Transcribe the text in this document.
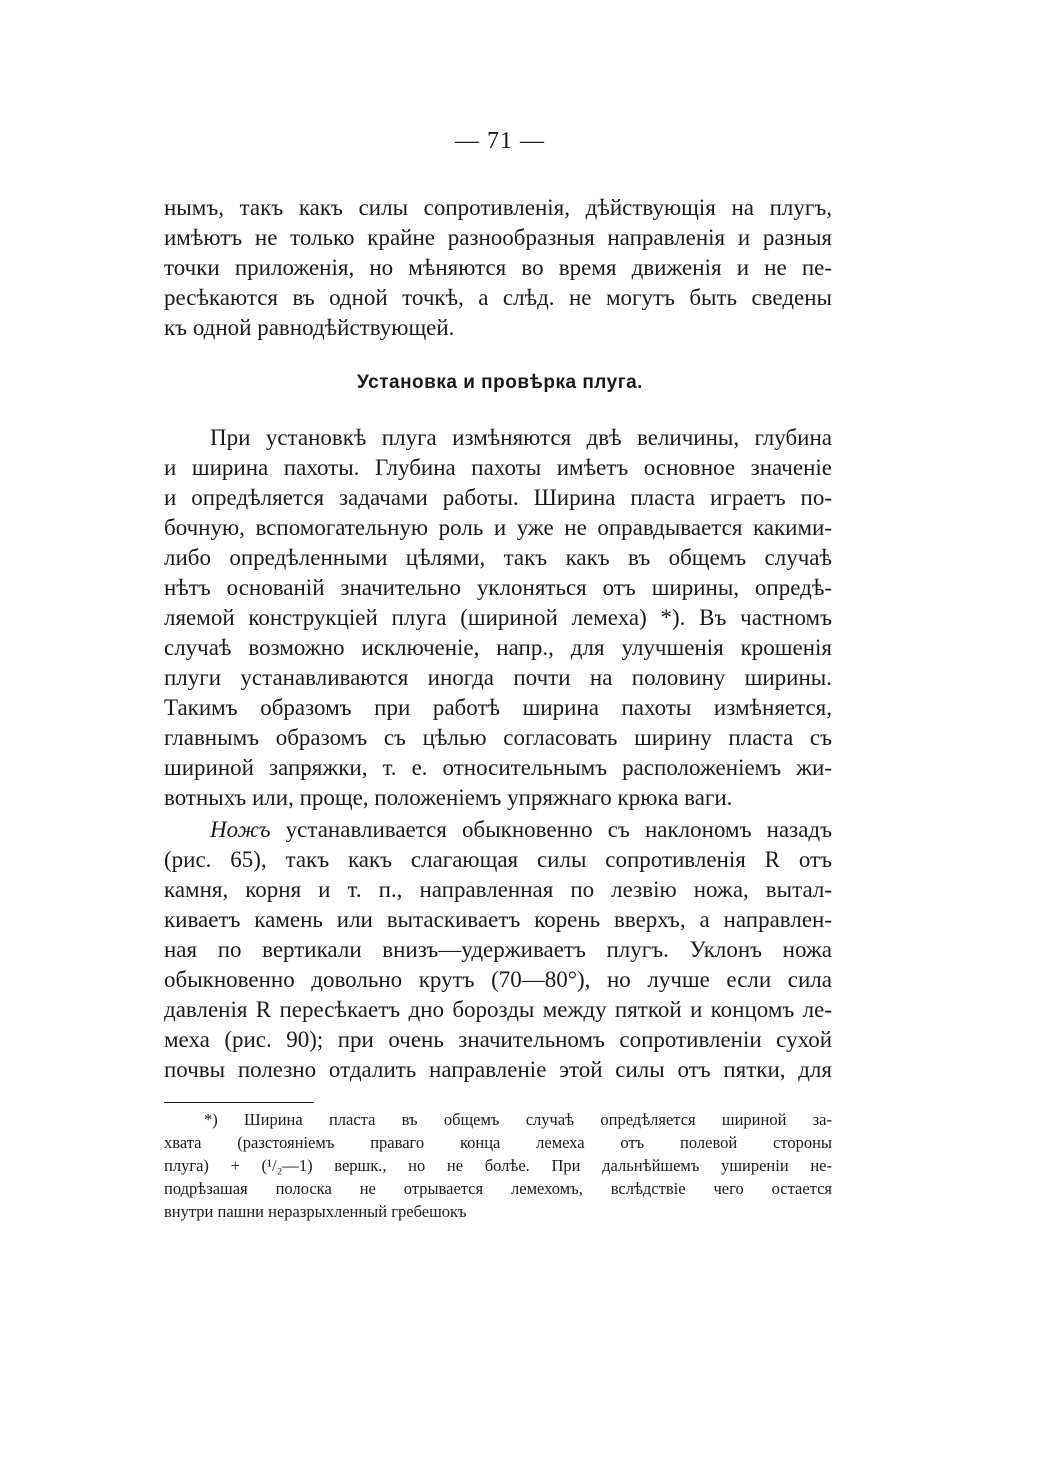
— 71 —
нымъ, такъ какъ силы сопротивленія, дѣйствующія на плугъ,
имѣютъ не только крайне разнообразныя направленія и разныя
точки приложенія, но мѣняются во время движенія и не пе-
ресѣкаются въ одной точкѣ, а слѣд. не могутъ быть сведены
къ одной равнодѣйствующей.
Установка и провѣрка плуга.
При установкѣ плуга измѣняются двѣ величины, глубина
и ширина пахоты. Глубина пахоты имѣетъ основное значеніе
и опредѣляется задачами работы. Ширина пласта играетъ по-
бочную, вспомогательную роль и уже не оправдывается какими-
либо опредѣленными цѣлями, такъ какъ въ общемъ случаѣ
нѣтъ основаній значительно уклоняться отъ ширины, опредѣ-
ляемой конструкціей плуга (шириной лемеха) *). Въ частномъ
случаѣ возможно исключеніе, напр., для улучшенія крошенія
плуги устанавливаются иногда почти на половину ширины.
Такимъ образомъ при работѣ ширина пахоты измѣняется,
главнымъ образомъ съ цѣлью согласовать ширину пласта съ
шириной запряжки, т. е. относительнымъ расположеніемъ жи-
вотныхъ или, проще, положеніемъ упряжнаго крюка ваги.
Ножъ устанавливается обыкновенно съ наклономъ назадъ
(рис. 65), такъ какъ слагающая силы сопротивленія R отъ
камня, корня и т. п., направленная по лезвію ножа, вытал-
киваетъ камень или вытаскиваетъ корень вверхъ, а направлен-
ная по вертикали внизъ—удерживаетъ плугъ. Уклонъ ножа
обыкновенно довольно крутъ (70—80°), но лучше если сила
давленія R пересѣкаетъ дно борозды между пяткой и концомъ ле-
меха (рис. 90); при очень значительномъ сопротивленіи сухой
почвы полезно отдалить направленіе этой силы отъ пятки, для
*) Ширина пласта въ общемъ случаѣ опредѣляется шириной за-
хвата (разстояніемъ праваго конца лемеха отъ полевой стороны
плуга) + (¹/₂—1) вершк., но не болѣе. При дальнѣйшемъ уширеніи не-
подрѣзашая полоска не отрывается лемехомъ, вслѣдствіе чего остается
внутри пашни неразрыхленный гребешокъ
